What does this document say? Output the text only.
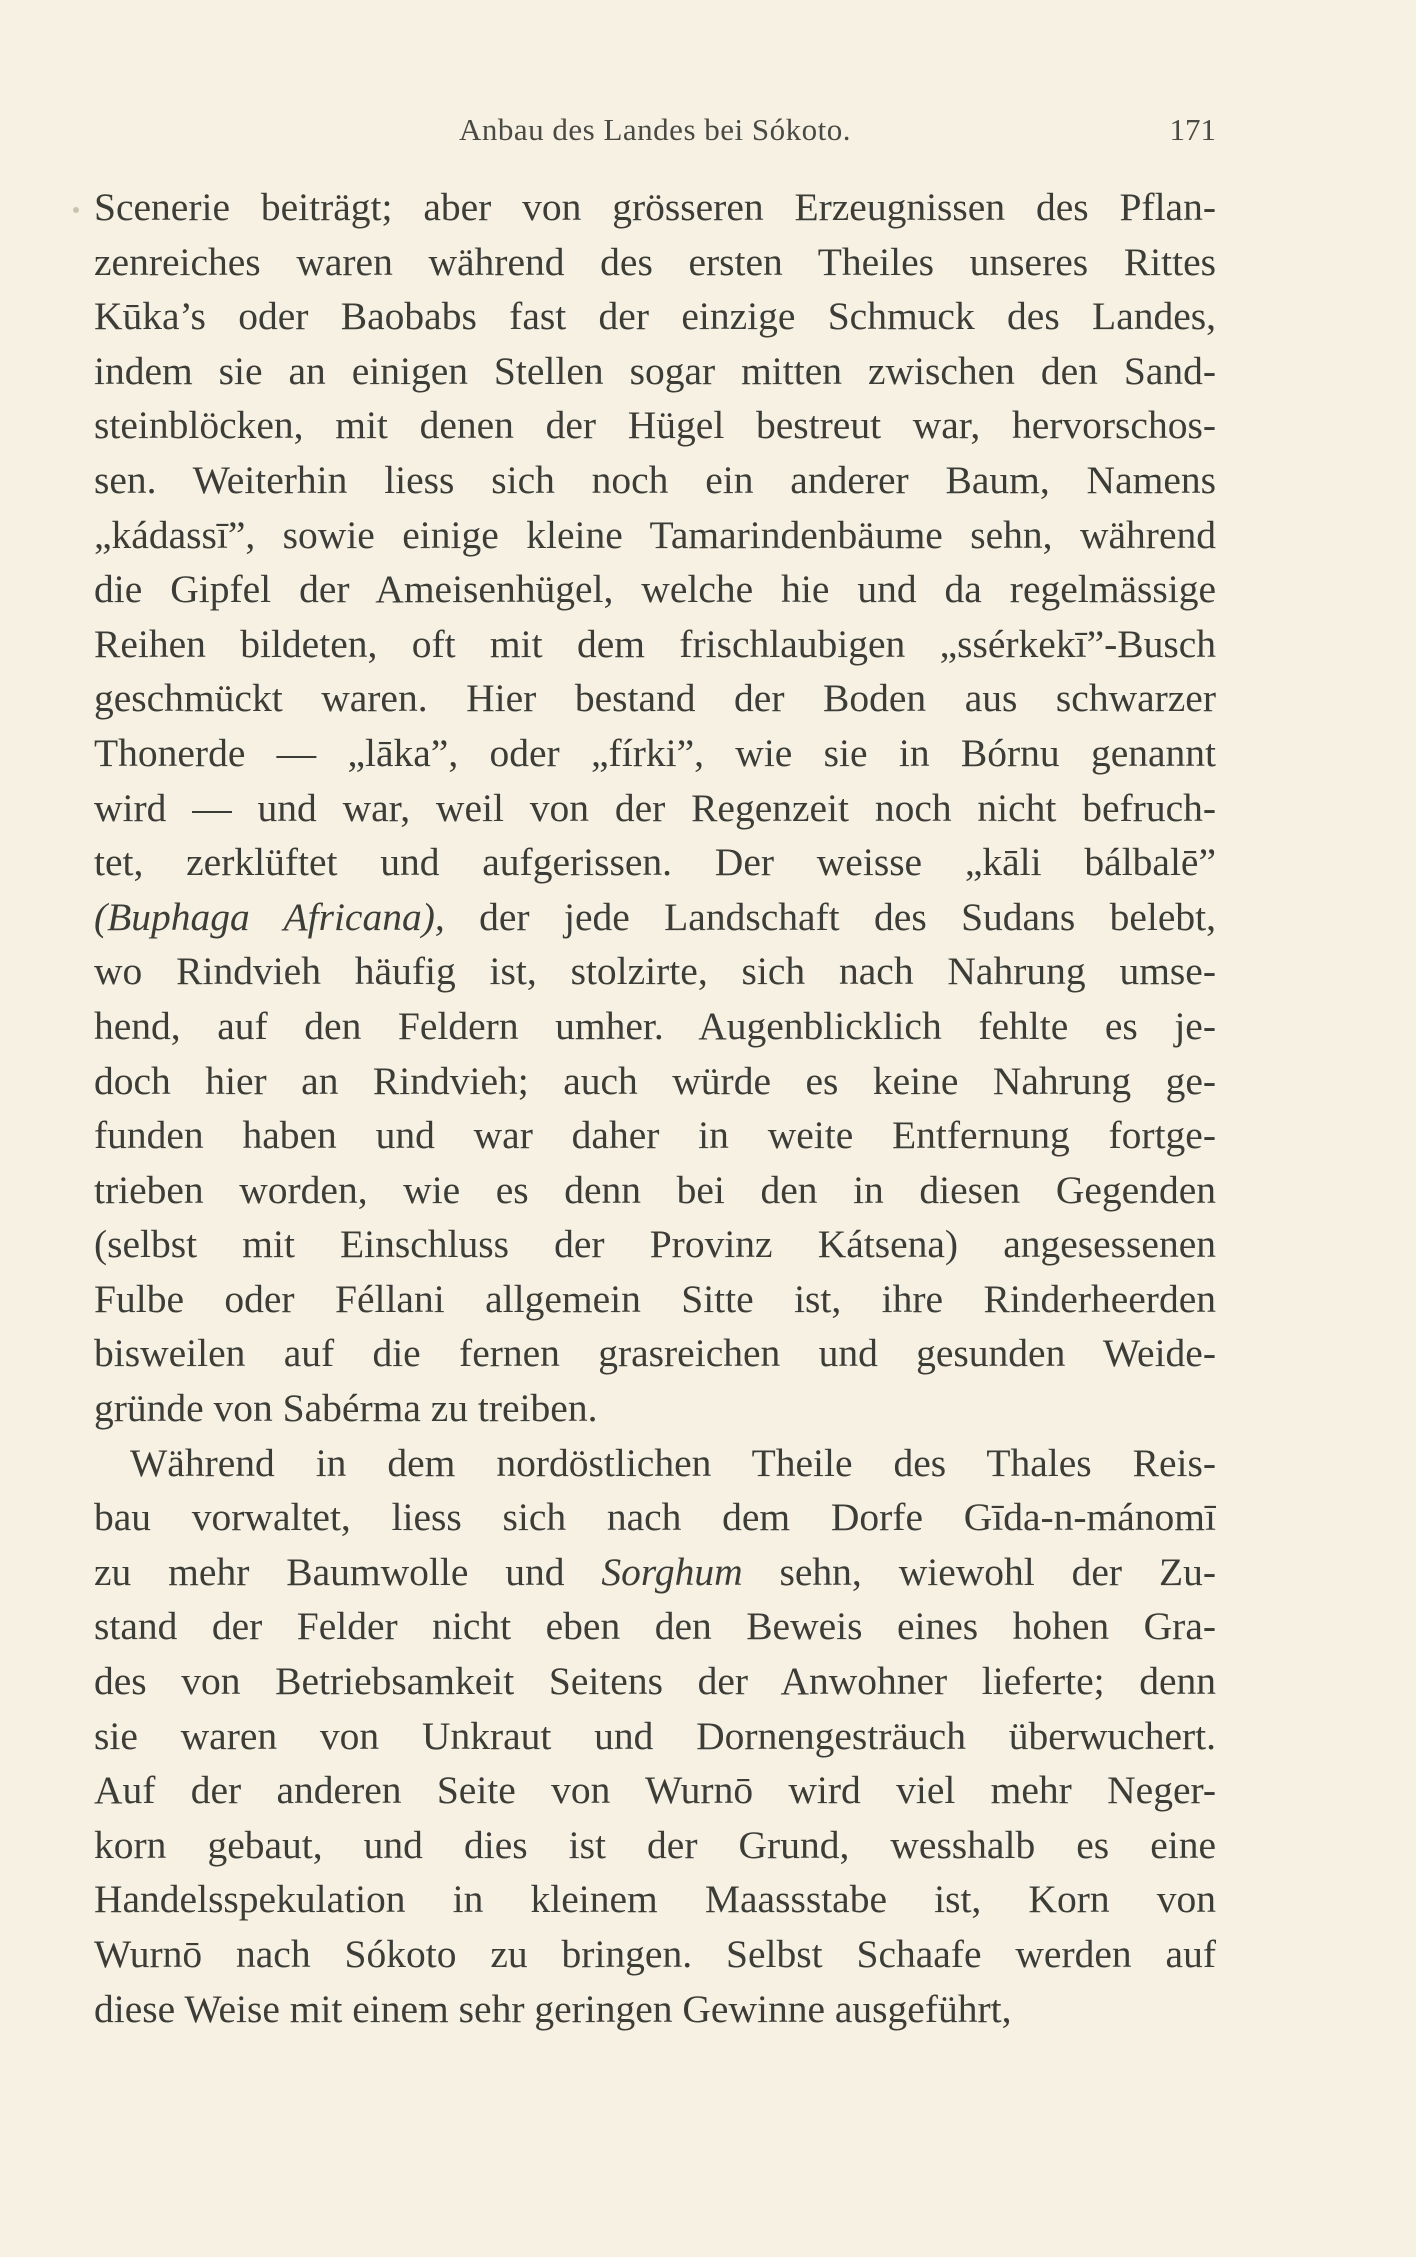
Anbau des Landes bei Sókoto.	171
Scenerie beiträgt; aber von grösseren Erzeugnissen des Pflan-
zenreiches waren während des ersten Theiles unseres Rittes
Kūka’s oder Baobabs fast der einzige Schmuck des Landes,
indem sie an einigen Stellen sogar mitten zwischen den Sand-
steinblöcken, mit denen der Hügel bestreut war, hervorschos-
sen. Weiterhin liess sich noch ein anderer Baum, Namens
„kádassī”, sowie einige kleine Tamarindenbäume sehn, während
die Gipfel der Ameisenhügel, welche hie und da regelmässige
Reihen bildeten, oft mit dem frischlaubigen „ssérkekī”-Busch
geschmückt waren. Hier bestand der Boden aus schwarzer
Thonerde — „lāka”, oder „fírki”, wie sie in Bórnu genannt
wird — und war, weil von der Regenzeit noch nicht befruch-
tet, zerklüftet und aufgerissen. Der weisse „kāli bálbalē”
(Buphaga Africana), der jede Landschaft des Sudans belebt,
wo Rindvieh häufig ist, stolzirte, sich nach Nahrung umse-
hend, auf den Feldern umher. Augenblicklich fehlte es je-
doch hier an Rindvieh; auch würde es keine Nahrung ge-
funden haben und war daher in weite Entfernung fortge-
trieben worden, wie es denn bei den in diesen Gegenden
(selbst mit Einschluss der Provinz Kátsena) angesessenen
Fulbe oder Féllani allgemein Sitte ist, ihre Rinderheerden
bisweilen auf die fernen grasreichen und gesunden Weide-
gründe von Sabérma zu treiben.
Während in dem nordöstlichen Theile des Thales Reis-
bau vorwaltet, liess sich nach dem Dorfe Gīda-n-mánomī
zu mehr Baumwolle und Sorghum sehn, wiewohl der Zu-
stand der Felder nicht eben den Beweis eines hohen Gra-
des von Betriebsamkeit Seitens der Anwohner lieferte; denn
sie waren von Unkraut und Dornengesträuch überwuchert.
Auf der anderen Seite von Wurnō wird viel mehr Neger-
korn gebaut, und dies ist der Grund, wesshalb es eine
Handelsspekulation in kleinem Maassstabe ist, Korn von
Wurnō nach Sókoto zu bringen. Selbst Schaafe werden auf
diese Weise mit einem sehr geringen Gewinne ausgeführt,
